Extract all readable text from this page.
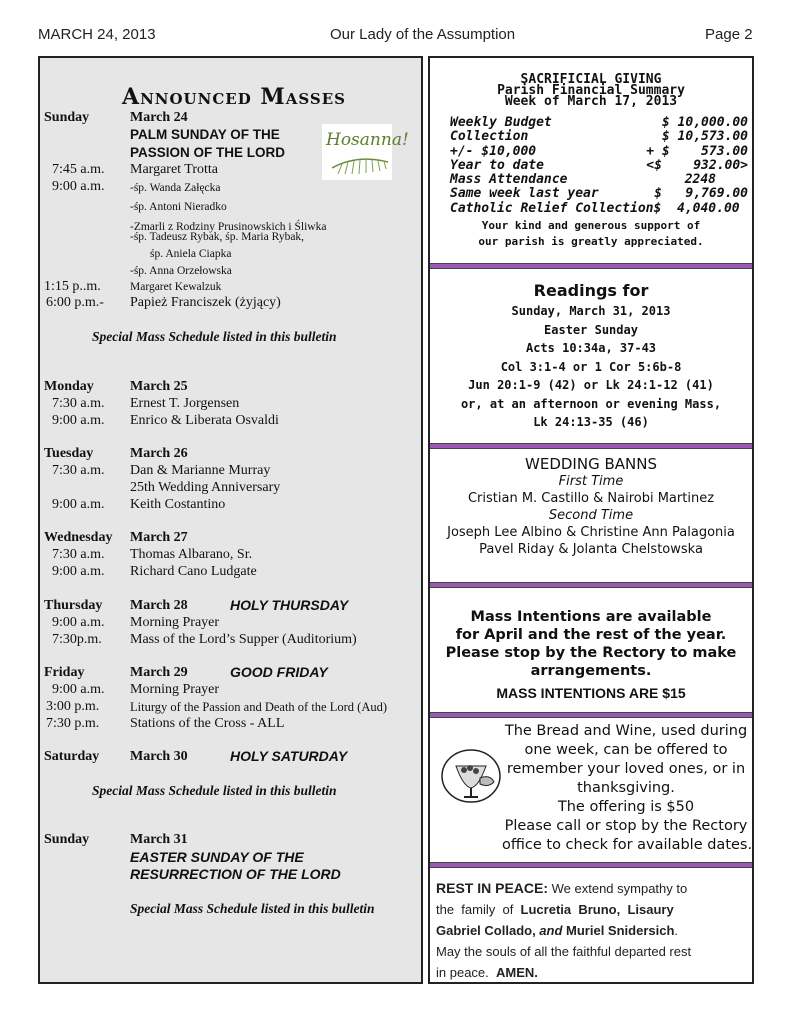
MARCH 24, 2013	Our Lady of the Assumption	Page 2
Announced Masses
Sunday	March 24
PALM SUNDAY OF THE
PASSION OF THE LORD
Hosanna!
7:45 a.m. Margaret Trotta
9:00 a.m. -śp. Wanda Załęcka
-śp. Antoni Nieradko
-Zmarli z Rodziny Prusinowskich i Śliwka
-śp. Tadeusz Rybak, śp. Maria Rybak,
śp. Aniela Ciapka
-śp. Anna Orzełowska
1:15 p..m.	Margaret Kewalzuk
6:00 p.m.- Papież Franciszek (żyjący)
Special Mass Schedule listed in this bulletin
Monday	March 25
7:30 a.m. Ernest T. Jorgensen
9:00 a.m. Enrico & Liberata Osvaldi
Tuesday	March 26
7:30 a.m. Dan & Marianne Murray
25th Wedding Anniversary
9:00 a.m. Keith Costantino
Wednesday March 27
7:30 a.m. Thomas Albarano, Sr.
9:00 a.m. Richard Cano Ludgate
Thursday March 28	HOLY THURSDAY
9:00 a.m. Morning Prayer
7:30p.m. Mass of the Lord’s Supper (Auditorium)
Friday	March 29	GOOD FRIDAY
9:00 a.m. Morning Prayer
3:00 p.m. Liturgy of the Passion and Death of the Lord (Aud)
7:30 p.m. Stations of the Cross - ALL
Saturday March 30	HOLY SATURDAY
Special Mass Schedule listed in this bulletin
Sunday	March 31
EASTER SUNDAY OF THE
RESURRECTION OF THE LORD
Special Mass Schedule listed in this bulletin
SACRIFICIAL GIVING
Parish Financial Summary
Week of March 17, 2013
Weekly Budget	$ 10,000.00
Collection	$ 10,573.00
+/- $10,000	+ $    573.00
Year to date	<$    932.00>
Mass Attendance	2248
Same week last year	$   9,769.00
Catholic Relief Collection $  4,040.00
Your kind and generous support of
our parish is greatly appreciated.
Readings for
Sunday, March 31, 2013
Easter Sunday
Acts 10:34a, 37-43
Col 3:1-4 or 1 Cor 5:6b-8
Jun 20:1-9 (42) or Lk 24:1-12 (41)
or, at an afternoon or evening Mass,
Lk 24:13-35 (46)
WEDDING BANNS
First Time
Cristian M. Castillo & Nairobi Martinez
Second Time
Joseph Lee Albino & Christine Ann Palagonia
Pavel Riday & Jolanta Chelstowska
Mass Intentions are available
for April and the rest of the year.
Please stop by the Rectory to make
arrangements.
MASS INTENTIONS ARE $15
The Bread and Wine, used during
one week, can be offered to
remember your loved ones, or in
thanksgiving.
The offering is $50
Please call or stop by the Rectory
office to check for available dates.
REST IN PEACE: We extend sympathy to
the  family  of  Lucretia  Bruno,  Lisaury
Gabriel Collado, and Muriel Snidersich.
May the souls of all the faithful departed rest
in peace.  AMEN.
